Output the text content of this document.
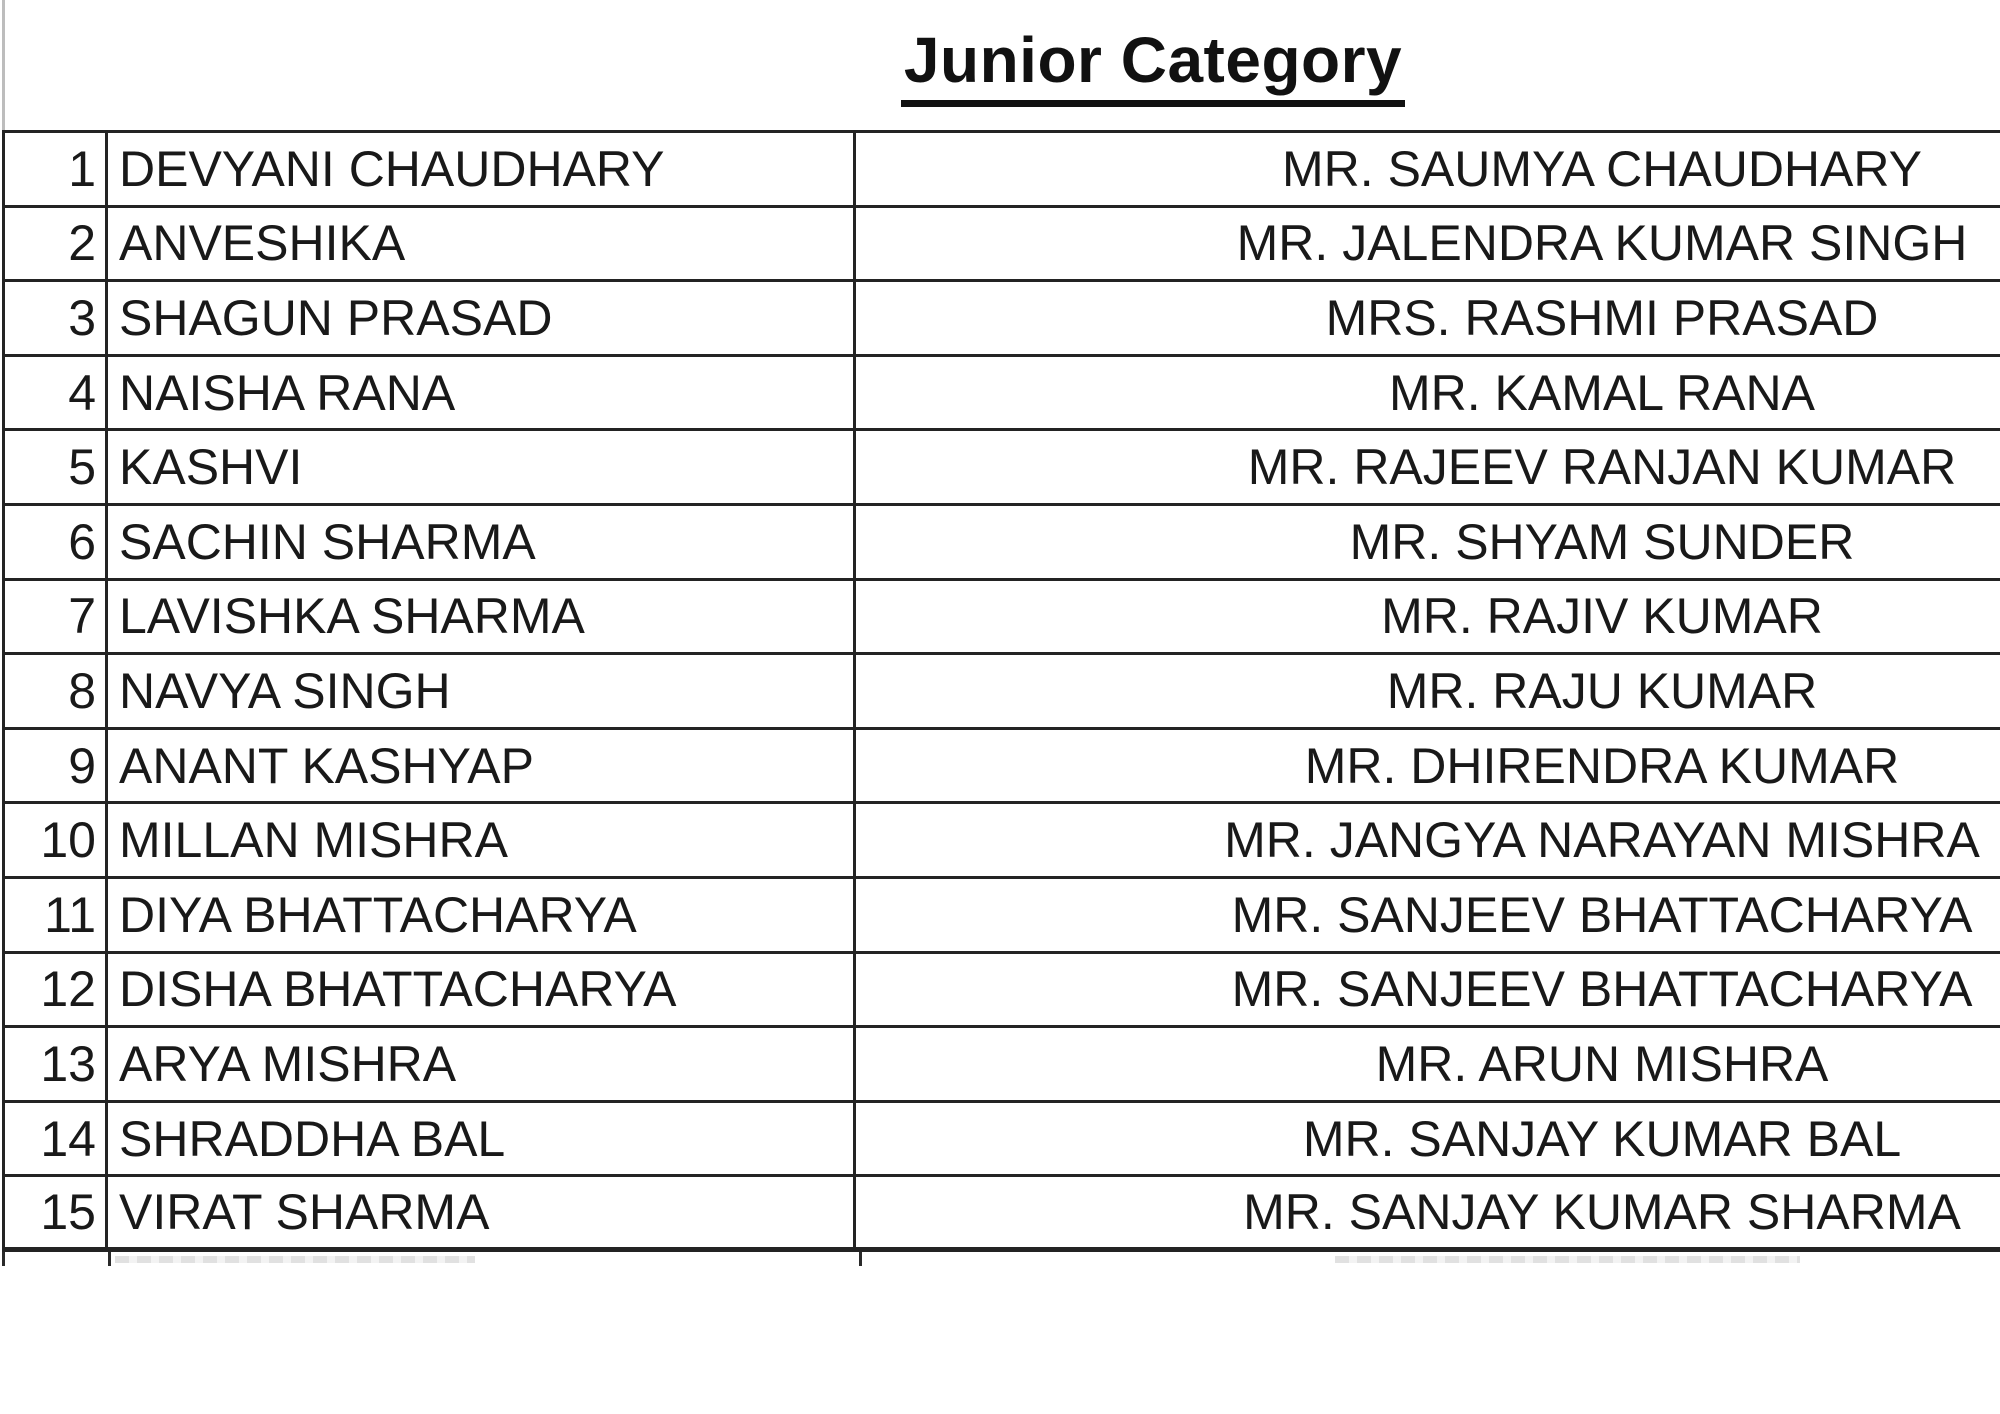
Junior Category
1 DEVYANI CHAUDHARY	MR. SAUMYA CHAUDHARY
2 ANVESHIKA	MR. JALENDRA KUMAR SINGH
3 SHAGUN PRASAD	MRS. RASHMI PRASAD
4 NAISHA RANA	MR. KAMAL RANA
5 KASHVI	MR. RAJEEV RANJAN KUMAR
6 SACHIN SHARMA	MR. SHYAM SUNDER
7 LAVISHKA SHARMA	MR. RAJIV KUMAR
8 NAVYA SINGH	MR. RAJU KUMAR
9 ANANT KASHYAP	MR. DHIRENDRA KUMAR
10 MILLAN MISHRA	MR. JANGYA NARAYAN MISHRA
11 DIYA BHATTACHARYA	MR. SANJEEV BHATTACHARYA
12 DISHA BHATTACHARYA	MR. SANJEEV BHATTACHARYA
13 ARYA MISHRA	MR. ARUN MISHRA
14 SHRADDHA BAL	MR. SANJAY KUMAR BAL
15 VIRAT SHARMA	MR. SANJAY KUMAR SHARMA
